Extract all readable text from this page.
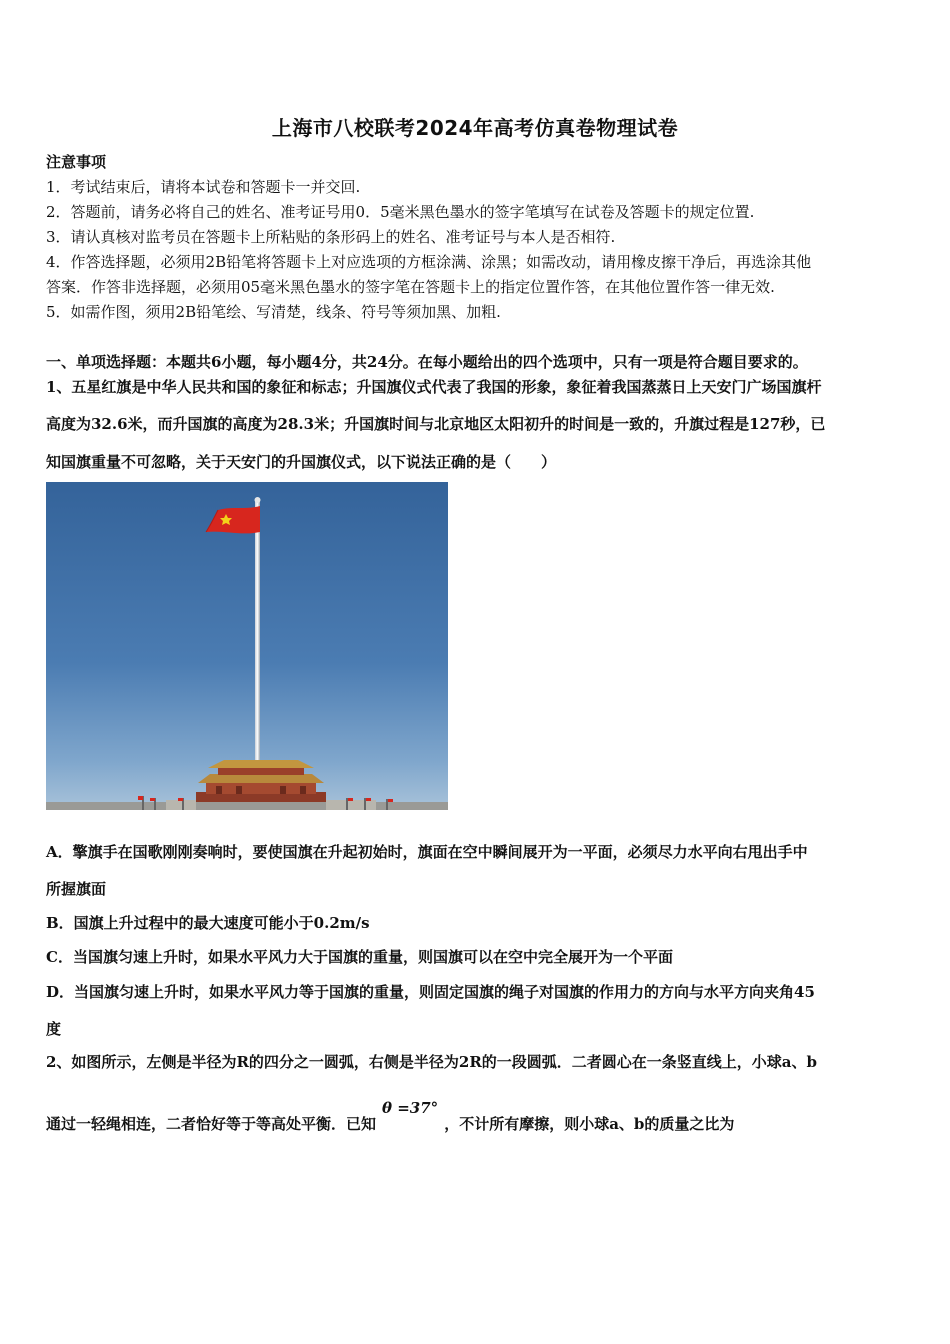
上海市八校联考2024年高考仿真卷物理试卷
注意事项
1．考试结束后，请将本试卷和答题卡一并交回.
2．答题前，请务必将自己的姓名、准考证号用0．5毫米黑色墨水的签字笔填写在试卷及答题卡的规定位置.
3．请认真核对监考员在答题卡上所粘贴的条形码上的姓名、准考证号与本人是否相符.
4．作答选择题，必须用2B铅笔将答题卡上对应选项的方框涂满、涂黑；如需改动，请用橡皮擦干净后，再选涂其他
答案．作答非选择题，必须用05毫米黑色墨水的签字笔在答题卡上的指定位置作答，在其他位置作答一律无效.
5．如需作图，须用2B铅笔绘、写清楚，线条、符号等须加黑、加粗.
一、单项选择题：本题共6小题，每小题4分，共24分。在每小题给出的四个选项中，只有一项是符合题目要求的。
1、五星红旗是中华人民共和国的象征和标志；升国旗仪式代表了我国的形象，象征着我国蒸蒸日上天安门广场国旗杆
高度为32.6米，而升国旗的高度为28.3米；升国旗时间与北京地区太阳初升的时间是一致的，升旗过程是127秒，已
知国旗重量不可忽略，关于天安门的升国旗仪式，以下说法正确的是（　　）
A．擎旗手在国歌刚刚奏响时，要使国旗在升起初始时，旗面在空中瞬间展开为一平面，必须尽力水平向右甩出手中
所握旗面
B．国旗上升过程中的最大速度可能小于0.2m/s
C．当国旗匀速上升时，如果水平风力大于国旗的重量，则国旗可以在空中完全展开为一个平面
D．当国旗匀速上升时，如果水平风力等于国旗的重量，则固定国旗的绳子对国旗的作用力的方向与水平方向夹角45
度
2、如图所示，左侧是半径为R的四分之一圆弧，右侧是半径为2R的一段圆弧．二者圆心在一条竖直线上，小球a、b
通过一轻绳相连，二者恰好等于等高处平衡．已知θ =37°，不计所有摩擦，则小球a、b的质量之比为
